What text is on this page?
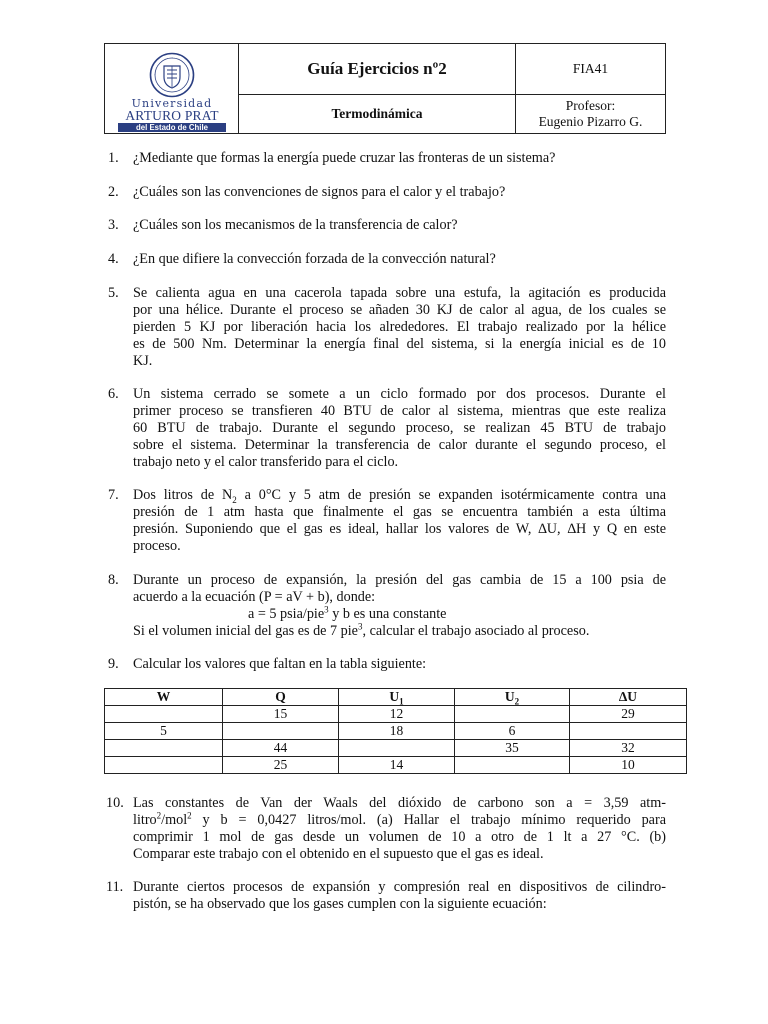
Universidad
ARTURO PRAT
del Estado de Chile
Guía Ejercicios nº2	FIA41
Termodinámica
Profesor:
Eugenio Pizarro G.
1. ¿Mediante que formas la energía puede cruzar las fronteras de un sistema?
2. ¿Cuáles son las convenciones de signos para el calor y el trabajo?
3. ¿Cuáles son los mecanismos de la transferencia de calor?
4. ¿En que difiere la convección forzada de la convección natural?
5. Se calienta agua en una cacerola tapada sobre una estufa, la agitación es producida
por una hélice. Durante el proceso se añaden 30 KJ de calor al agua, de los cuales se
pierden 5 KJ por liberación hacia los alrededores. El trabajo realizado por la hélice
es de 500 Nm. Determinar la energía final del sistema, si la energía inicial es de 10
KJ.
6. Un sistema cerrado se somete a un ciclo formado por dos procesos. Durante el
primer proceso se transfieren 40 BTU de calor al sistema, mientras que este realiza
60 BTU de trabajo. Durante el segundo proceso, se realizan 45 BTU de trabajo
sobre el sistema. Determinar la transferencia de calor durante el segundo proceso, el
trabajo neto y el calor transferido para el ciclo.
7. Dos litros de $N_2$ a 0°C y 5 atm de presión se expanden isotérmicamente contra una
presión de 1 atm hasta que finalmente el gas se encuentra también a esta última
presión. Suponiendo que el gas es ideal, hallar los valores de W, ∆U, ∆H y Q en este
proceso.
8. Durante un proceso de expansión, la presión del gas cambia de 15 a 100 psia de
acuerdo a la ecuación (P = aV + b), donde:
a = 5 psia/pie$^3$ y b es una constante
Si el volumen inicial del gas es de 7 pie$^3$, calcular el trabajo asociado al proceso.
9. Calcular los valores que faltan en la tabla siguiente:
W	Q	$U_1$	$U_2$	∆U
	15	12		29
5		18	6	
	44		35	32
	25	14		10
10. Las constantes de Van der Waals del dióxido de carbono son a = 3,59 atm-
litro$^2$/mol$^2$ y b = 0,0427 litros/mol. (a) Hallar el trabajo mínimo requerido para
comprimir 1 mol de gas desde un volumen de 10 a otro de 1 lt a 27 °C. (b)
Comparar este trabajo con el obtenido en el supuesto que el gas es ideal.
11. Durante ciertos procesos de expansión y compresión real en dispositivos de cilindro-
pistón, se ha observado que los gases cumplen con la siguiente ecuación:
